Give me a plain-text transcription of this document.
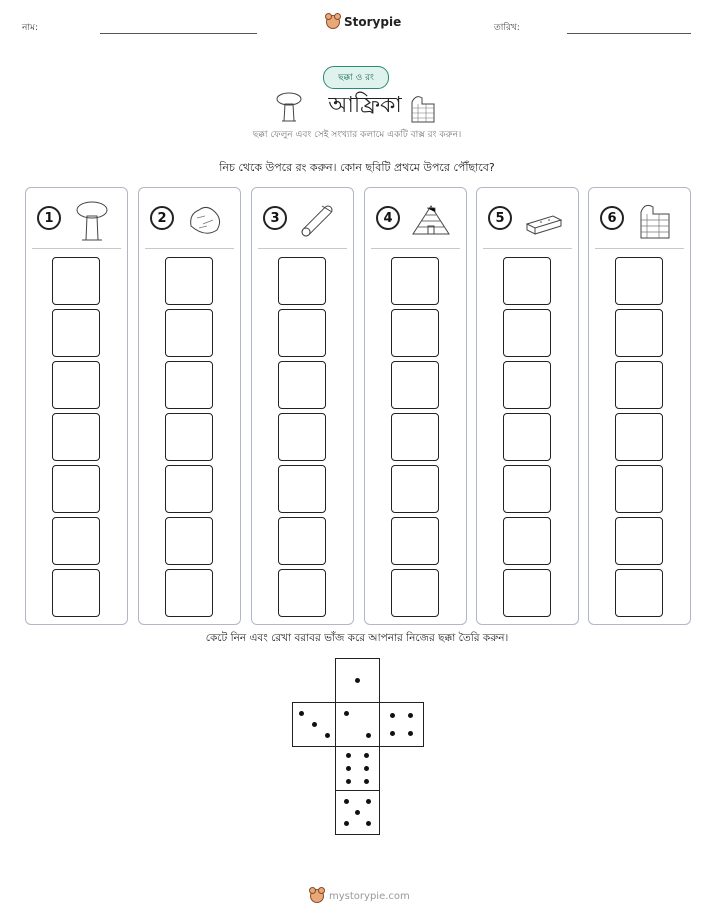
নাম:	Storypie	তারিখ:
ছক্কা ও রং
আফ্রিকা
ছক্কা ফেলুন এবং সেই সংখ্যার কলামে একটি বাক্স রং করুন।
নিচ থেকে উপরে রং করুন। কোন ছবিটি প্রথমে উপরে পৌঁছাবে?
1	2	3	4	5	6
কেটে নিন এবং রেখা বরাবর ভাঁজ করে আপনার নিজের ছক্কা তৈরি করুন।
mystorypie.com
